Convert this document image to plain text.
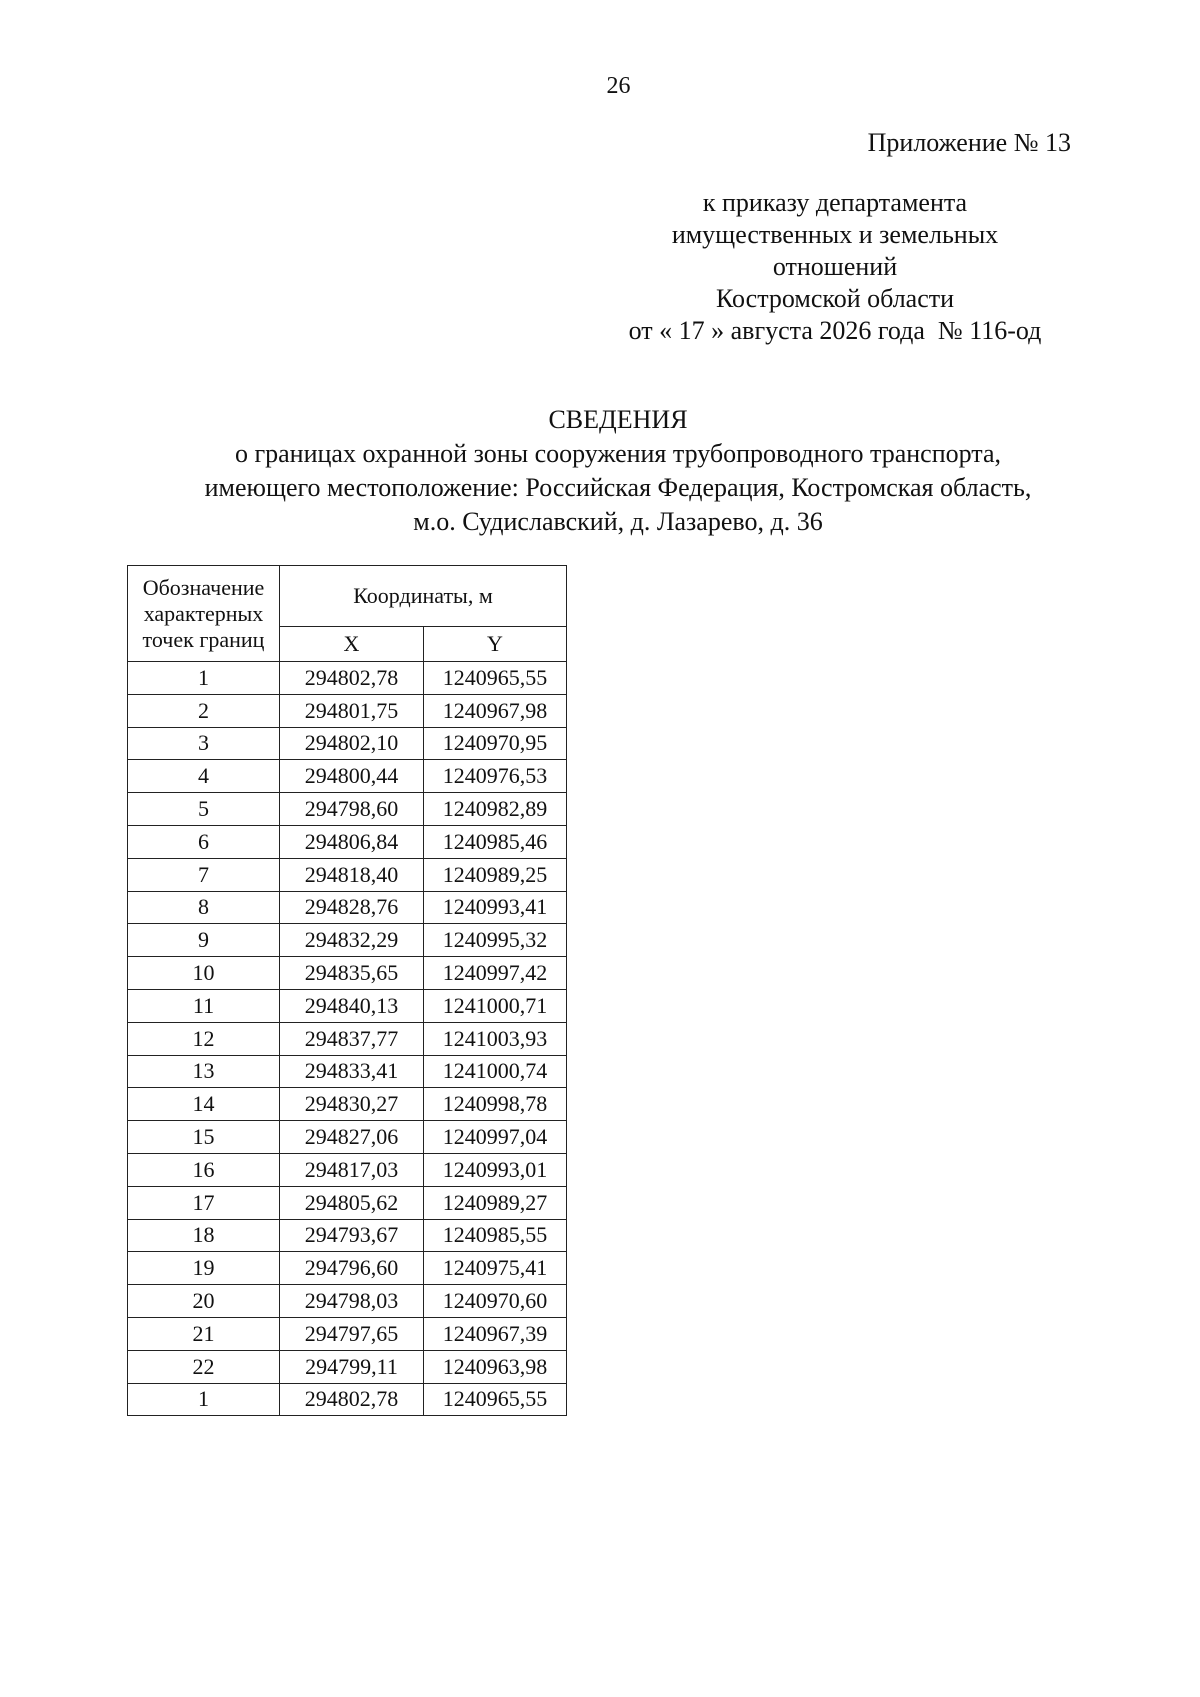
26
Приложение № 13
к приказу департамента
имущественных и земельных
отношений
Костромской области
от « 17 » августа 2026 года  № 116-од
СВЕДЕНИЯ
о границах охранной зоны сооружения трубопроводного транспорта,
имеющего местоположение: Российская Федерация, Костромская область,
м.о. Судиславский, д. Лазарево, д. 36
Обозначение характерных точек границ	Координаты, м	
	X	Y
1	294802,78	1240965,55
2	294801,75	1240967,98
3	294802,10	1240970,95
4	294800,44	1240976,53
5	294798,60	1240982,89
6	294806,84	1240985,46
7	294818,40	1240989,25
8	294828,76	1240993,41
9	294832,29	1240995,32
10	294835,65	1240997,42
11	294840,13	1241000,71
12	294837,77	1241003,93
13	294833,41	1241000,74
14	294830,27	1240998,78
15	294827,06	1240997,04
16	294817,03	1240993,01
17	294805,62	1240989,27
18	294793,67	1240985,55
19	294796,60	1240975,41
20	294798,03	1240970,60
21	294797,65	1240967,39
22	294799,11	1240963,98
1	294802,78	1240965,55
